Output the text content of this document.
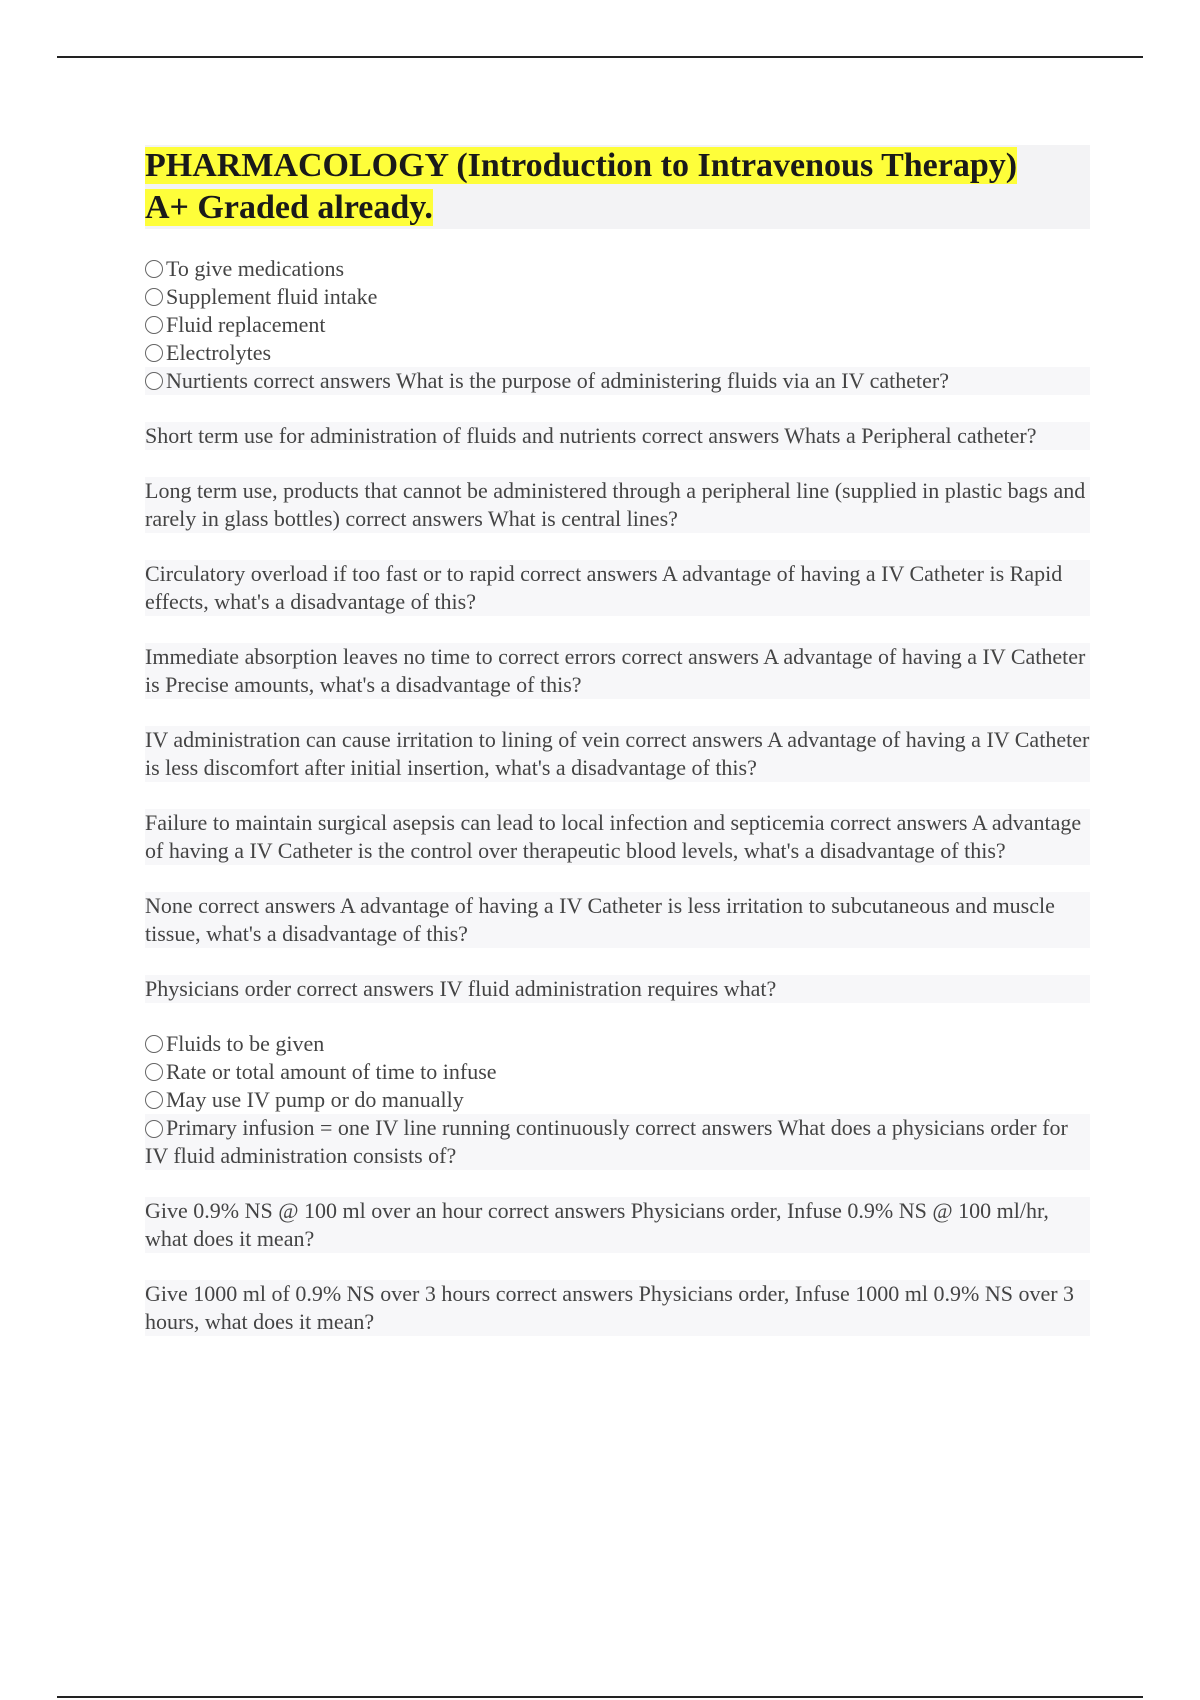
PHARMACOLOGY (Introduction to Intravenous Therapy)
A+ Graded already.
To give medications
Supplement fluid intake
Fluid replacement
Electrolytes
Nurtients correct answers What is the purpose of administering fluids via an IV catheter?
Short term use for administration of fluids and nutrients correct answers Whats a Peripheral catheter?
Long term use, products that cannot be administered through a peripheral line (supplied in plastic bags and rarely in glass bottles) correct answers What is central lines?
Circulatory overload if too fast or to rapid correct answers A advantage of having a IV Catheter is Rapid effects, what's a disadvantage of this?
Immediate absorption leaves no time to correct errors correct answers A advantage of having a IV Catheter is Precise amounts, what's a disadvantage of this?
IV administration can cause irritation to lining of vein correct answers A advantage of having a IV Catheter is less discomfort after initial insertion, what's a disadvantage of this?
Failure to maintain surgical asepsis can lead to local infection and septicemia correct answers A advantage of having a IV Catheter is the control over therapeutic blood levels, what's a disadvantage of this?
None correct answers A advantage of having a IV Catheter is less irritation to subcutaneous and muscle tissue, what's a disadvantage of this?
Physicians order correct answers IV fluid administration requires what?
Fluids to be given
Rate or total amount of time to infuse
May use IV pump or do manually
Primary infusion = one IV line running continuously correct answers What does a physicians order for IV fluid administration consists of?
Give 0.9% NS @ 100 ml over an hour correct answers Physicians order, Infuse 0.9% NS @ 100 ml/hr, what does it mean?
Give 1000 ml of 0.9% NS over 3 hours correct answers Physicians order, Infuse 1000 ml 0.9% NS over 3 hours, what does it mean?
